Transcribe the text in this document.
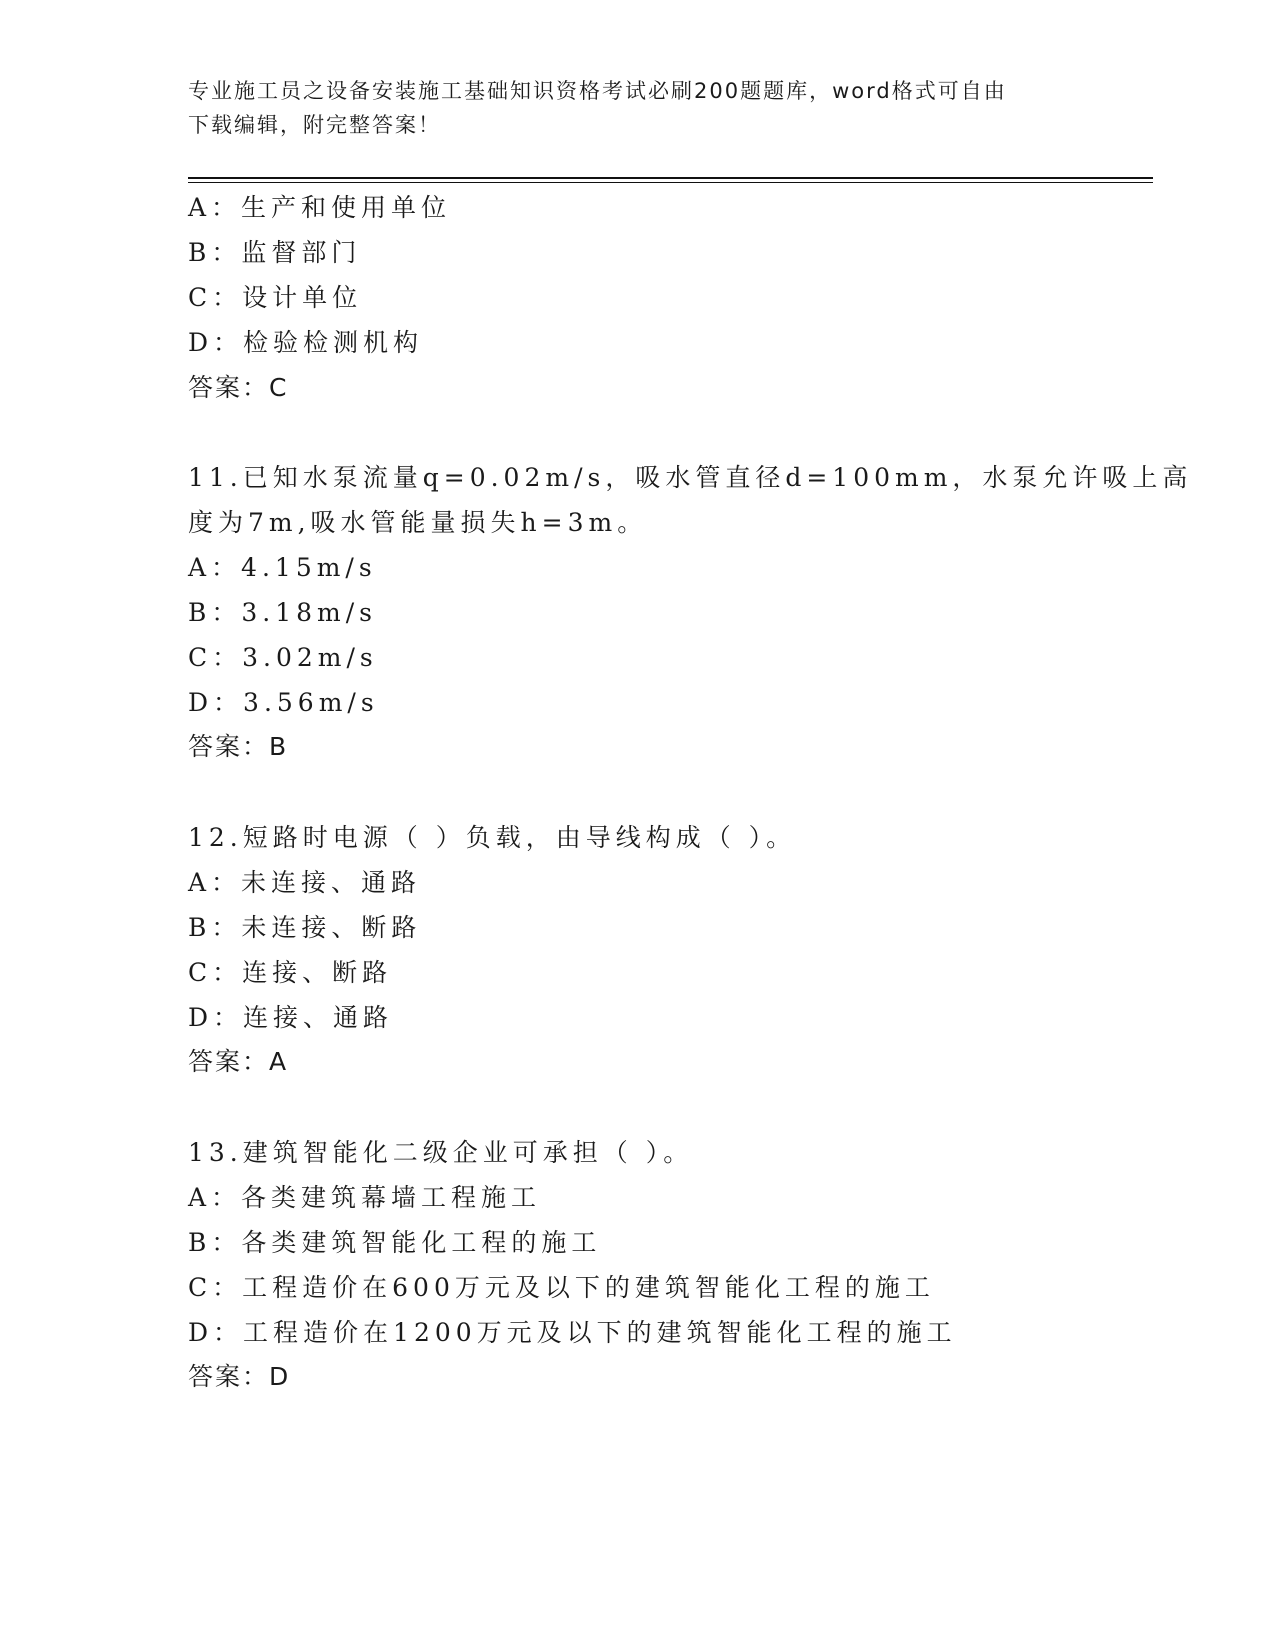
专业施工员之设备安装施工基础知识资格考试必刷200题题库，word格式可自由
下载编辑，附完整答案！
A：生产和使用单位
B：监督部门
C：设计单位
D：检验检测机构
答案：C
11.已知水泵流量q=0.02m/s，吸水管直径d=100mm，水泵允许吸上高
度为7m,吸水管能量损失h=3m。
A：4.15m/s
B：3.18m/s
C：3.02m/s
D：3.56m/s
答案：B
12.短路时电源（ ）负载，由导线构成（ ）。
A：未连接、通路
B：未连接、断路
C：连接、断路
D：连接、通路
答案：A
13.建筑智能化二级企业可承担（ ）。
A：各类建筑幕墙工程施工
B：各类建筑智能化工程的施工
C：工程造价在600万元及以下的建筑智能化工程的施工
D：工程造价在1200万元及以下的建筑智能化工程的施工
答案：D
